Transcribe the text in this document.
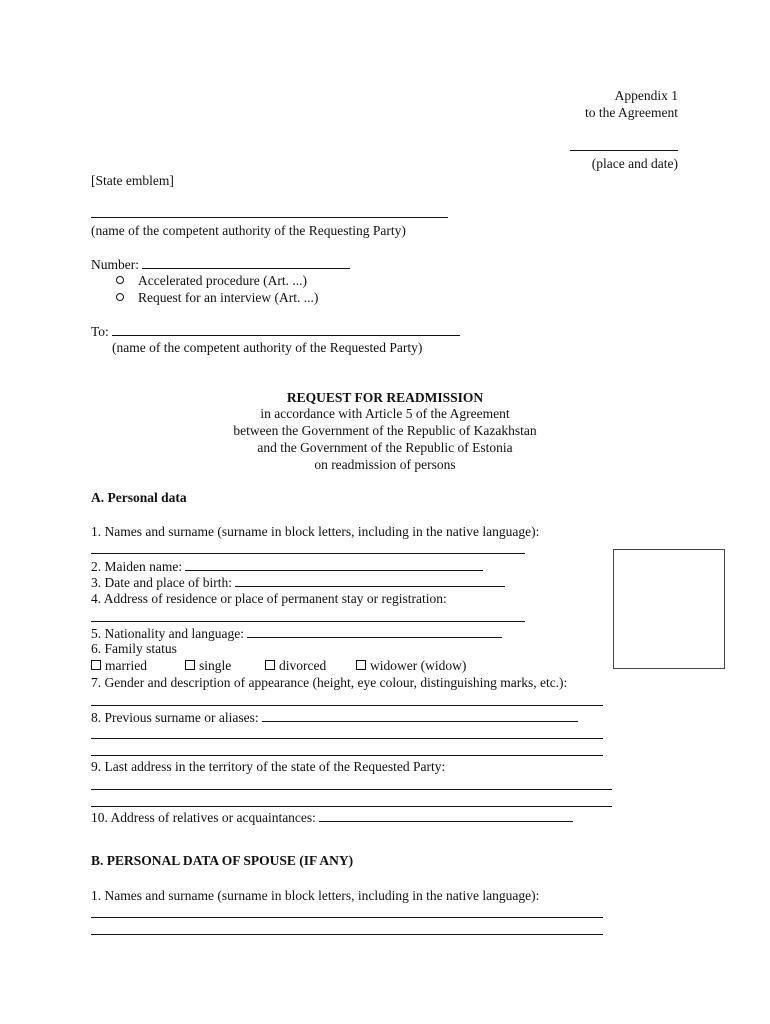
Appendix 1
to the Agreement
(place and date)
[State emblem]
(name of the competent authority of the Requesting Party)
Number:
Accelerated procedure (Art. ...)
Request for an interview (Art. ...)
To:
(name of the competent authority of the Requested Party)
REQUEST FOR READMISSION
in accordance with Article 5 of the Agreement
between the Government of the Republic of Kazakhstan
and the Government of the Republic of Estonia
on readmission of persons
A. Personal data
1. Names and surname (surname in block letters, including in the native language):
2. Maiden name:
3. Date and place of birth:
4. Address of residence or place of permanent stay or registration:
5. Nationality and language:
6. Family status
married	single	divorced	widower (widow)
7. Gender and description of appearance (height, eye colour, distinguishing marks, etc.):
8. Previous surname or aliases:
9. Last address in the territory of the state of the Requested Party:
10. Address of relatives or acquaintances:
B. PERSONAL DATA OF SPOUSE (IF ANY)
1. Names and surname (surname in block letters, including in the native language):
